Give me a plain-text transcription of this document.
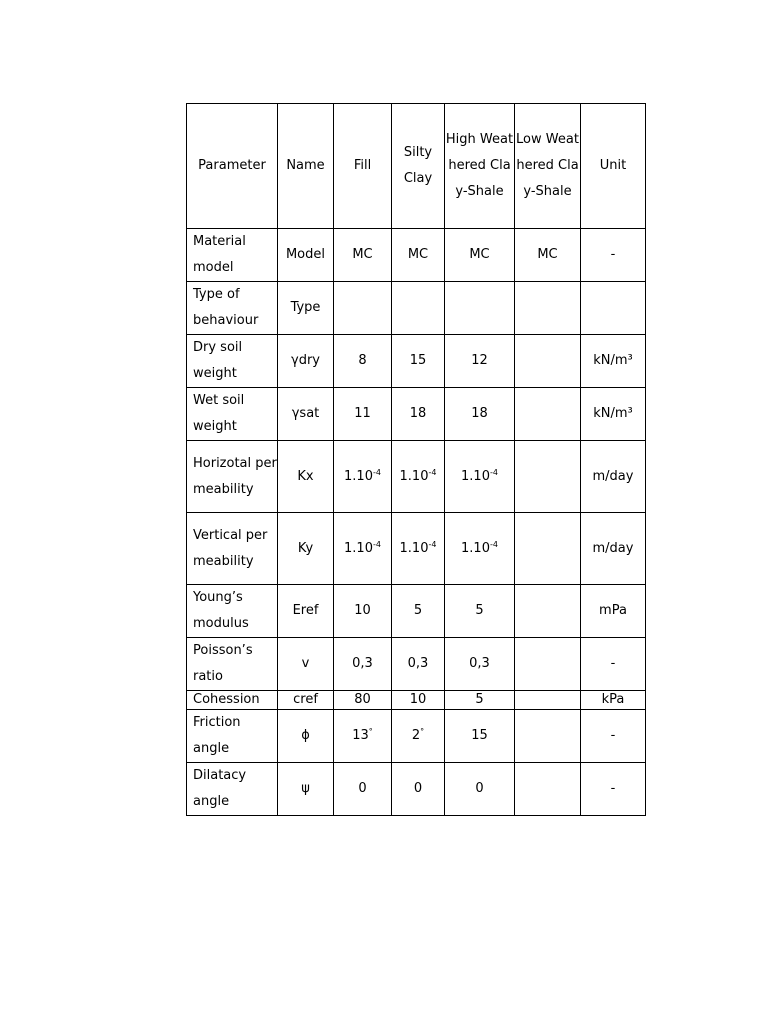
Parameter	Name	Fill	Silty Clay	High Weathered Clay-Shale	Low Weathered Clay-Shale	Unit
Material model	Model	MC	MC	MC	MC	-
Type of behaviour	Type					
Dry soil weight	γdry	8	15	12		kN/m³
Wet soil weight	γsat	11	18	18		kN/m³
Horizotal permeability	Kx	$1.10^{-4}$	$1.10^{-4}$	$1.10^{-4}$		m/day
Vertical permeability	Ky	$1.10^{-4}$	$1.10^{-4}$	$1.10^{-4}$		m/day
Young’s modulus	Eref	10	5	5		mPa
Poisson’s ratio	v	0,3	0,3	0,3		-
Cohession	cref	80	10	5		kPa
Friction angle	ϕ	13°	2°	15		-
Dilatacy angle	ψ	0	0	0		-
